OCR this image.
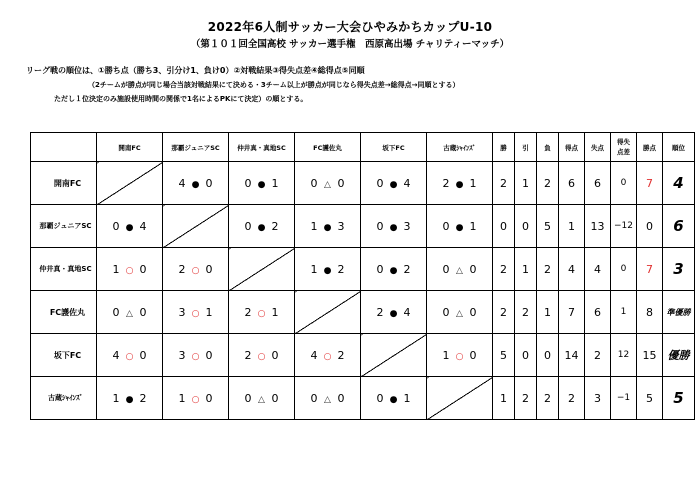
2022年6人制サッカー大会ひやみかちカップU-10
（第１０１回全国高校 サッカー選手権　西原高出場 チャリティーマッチ）
リーグ戦の順位は、①勝ち点（勝ち3、引分け1、負け0）②対戦結果③得失点差④総得点⑤同順
（2チームが勝点が同じ場合当該対戦結果にて決める・3チーム以上が勝点が同じなら得失点差→総得点→同順とする）
ただし１位決定のみ施設使用時間の関係で1名によるPKにて決定）の順とする。
	開南FC	那覇ジュニアSC	仲井真・真地SC	FC護佐丸	坂下FC	古蔵ｼｬｲﾝｽﾞ	勝	引	負	得点	失点	得失
点差	勝点	順位
開南FC		4 ● 0	0 ● 1	0 △ 0	0 ● 4	2 ● 1	2	1	2	6	6	0	7	4
那覇ジュニアSC	0 ● 4		0 ● 2	1 ● 3	0 ● 3	0 ● 1	0	0	5	1	13	−12	0	6
仲井真・真地SC	1 ○ 0	2 ○ 0		1 ● 2	0 ● 2	0 △ 0	2	1	2	4	4	0	7	3
FC護佐丸	0 △ 0	3 ○ 1	2 ○ 1		2 ● 4	0 △ 0	2	2	1	7	6	1	8	準優勝
坂下FC	4 ○ 0	3 ○ 0	2 ○ 0	4 ○ 2		1 ○ 0	5	0	0	14	2	12	15	優勝
古蔵ｼｬｲﾝｽﾞ	1 ● 2	1 ○ 0	0 △ 0	0 △ 0	0 ● 1		1	2	2	2	3	−1	5	5
